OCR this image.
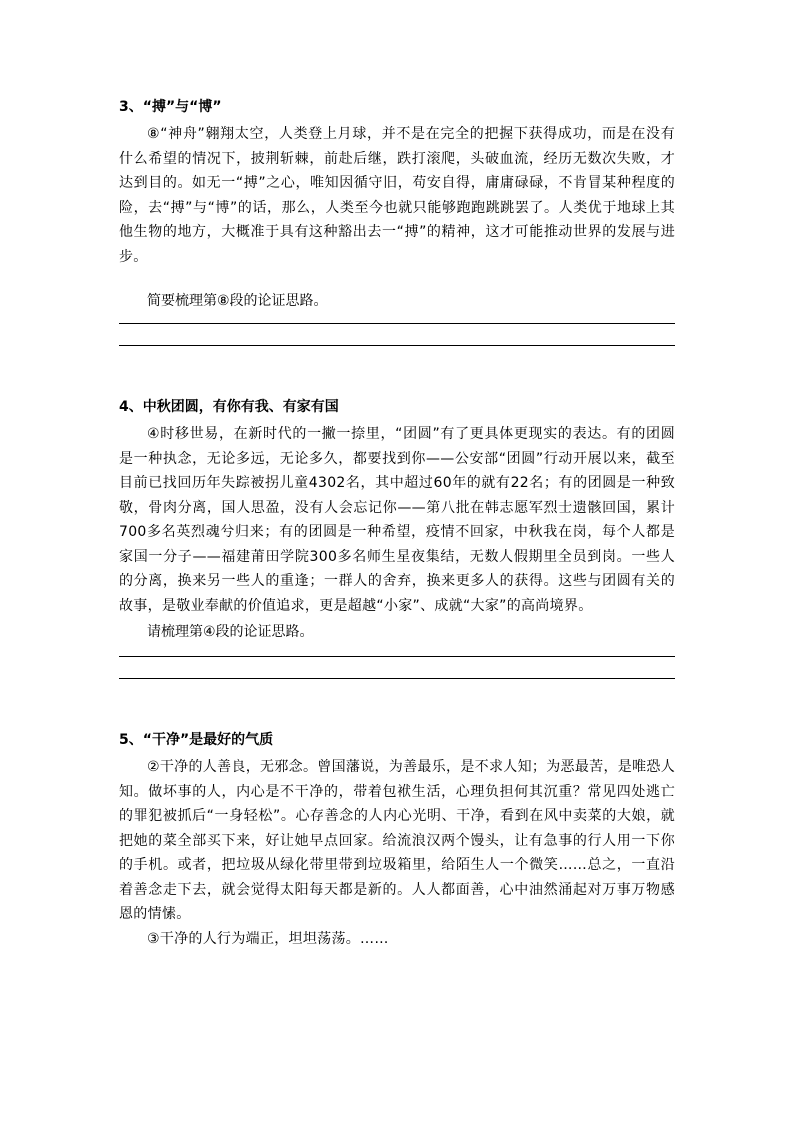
3、“搏”与“博”

⑧“神舟”翱翔太空，人类登上月球，并不是在完全的把握下获得成功，而是在没有什么希望的情况下，披荆斩棘，前赴后继，跌打滚爬，头破血流，经历无数次失败，才达到目的。如无一“搏”之心，唯知因循守旧，苟安自得，庸庸碌碌，不肯冒某种程度的险，去“搏”与“博”的话，那么，人类至今也就只能够跑跑跳跳罢了。人类优于地球上其他生物的地方，大概准于具有这种豁出去一“搏”的精神，这才可能推动世界的发展与进步。

简要梳理第⑧段的论证思路。

4、中秋团圆，有你有我、有家有国

④时移世易，在新时代的一撇一捺里，“团圆”有了更具体更现实的表达。有的团圆是一种执念，无论多远，无论多久，都要找到你——公安部“团圆”行动开展以来，截至目前已找回历年失踪被拐儿童4302名，其中超过60年的就有22名；有的团圆是一种致敬，骨肉分离，国人思盈，没有人会忘记你——第八批在韩志愿军烈士遗骸回国，累计700多名英烈魂兮归来；有的团圆是一种希望，疫情不回家，中秋我在岗，每个人都是家国一分子——福建莆田学院300多名师生星夜集结，无数人假期里全员到岗。一些人的分离，换来另一些人的重逢；一群人的舍弃，换来更多人的获得。这些与团圆有关的故事，是敬业奉献的价值追求，更是超越“小家”、成就“大家”的高尚境界。

请梳理第④段的论证思路。

5、“干净”是最好的气质

②干净的人善良，无邪念。曾国藩说，为善最乐，是不求人知；为恶最苦，是唯恐人知。做坏事的人，内心是不干净的，带着包袱生活，心理负担何其沉重？常见四处逃亡的罪犯被抓后“一身轻松”。心存善念的人内心光明、干净，看到在风中卖菜的大娘，就把她的菜全部买下来，好让她早点回家。给流浪汉两个馒头，让有急事的行人用一下你的手机。或者，把垃圾从绿化带里带到垃圾箱里，给陌生人一个微笑……总之，一直沿着善念走下去，就会觉得太阳每天都是新的。人人都面善，心中油然涌起对万事万物感恩的情愫。

③干净的人行为端正，坦坦荡荡。……
